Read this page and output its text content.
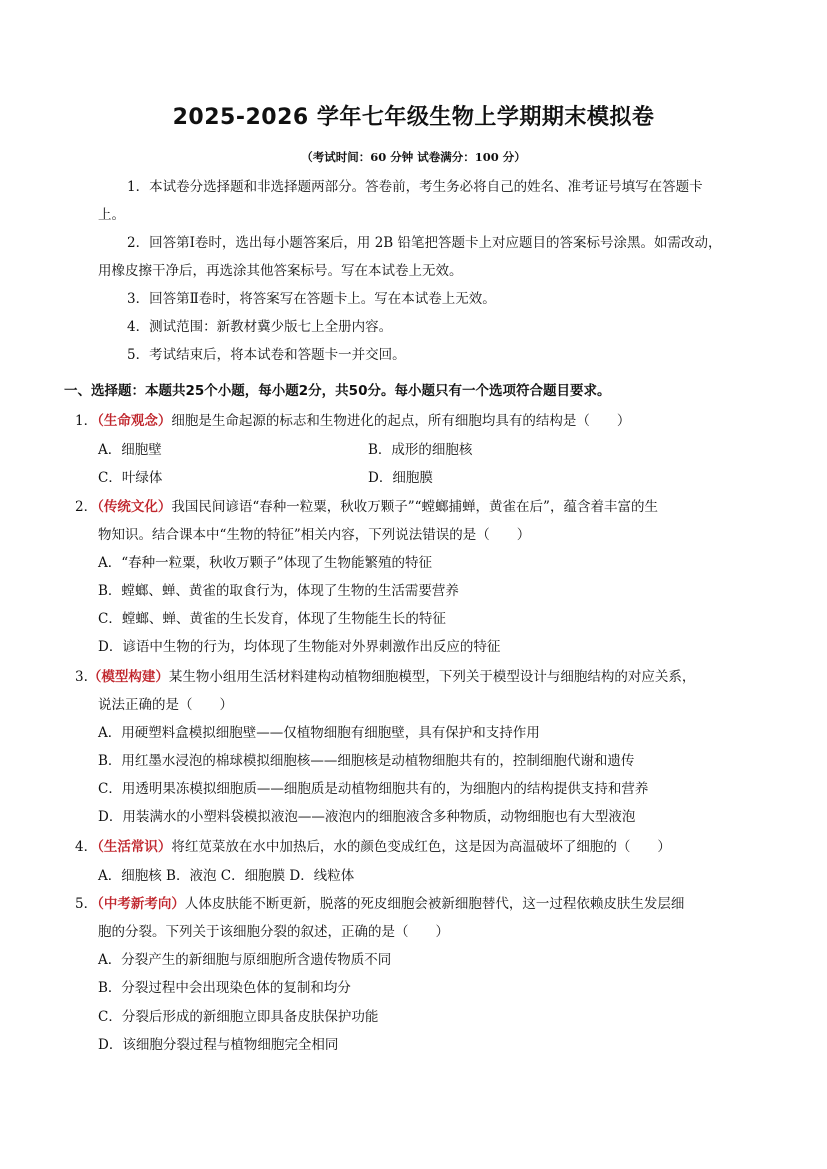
2025-2026 学年七年级生物上学期期末模拟卷
（考试时间：60 分钟 试卷满分：100 分）
1．本试卷分选择题和非选择题两部分。答卷前，考生务必将自己的姓名、准考证号填写在答题卡
上。
2．回答第Ⅰ卷时，选出每小题答案后，用 2B 铅笔把答题卡上对应题目的答案标号涂黑。如需改动，
用橡皮擦干净后，再选涂其他答案标号。写在本试卷上无效。
3．回答第Ⅱ卷时，将答案写在答题卡上。写在本试卷上无效。
4．测试范围：新教材冀少版七上全册内容。
5．考试结束后，将本试卷和答题卡一并交回。
一、选择题：本题共25个小题，每小题2分，共50分。每小题只有一个选项符合题目要求。
1．（生命观念）细胞是生命起源的标志和生物进化的起点，所有细胞均具有的结构是（　　）
A．细胞壁	B．成形的细胞核
C．叶绿体	D．细胞膜
2．（传统文化）我国民间谚语“春种一粒粟，秋收万颗子”“螳螂捕蝉，黄雀在后”，蕴含着丰富的生
物知识。结合课本中“生物的特征”相关内容，下列说法错误的是（　　）
A．“春种一粒粟，秋收万颗子”体现了生物能繁殖的特征
B．螳螂、蝉、黄雀的取食行为，体现了生物的生活需要营养
C．螳螂、蝉、黄雀的生长发育，体现了生物能生长的特征
D．谚语中生物的行为，均体现了生物能对外界刺激作出反应的特征
3.（模型构建）某生物小组用生活材料建构动植物细胞模型，下列关于模型设计与细胞结构的对应关系，
说法正确的是（　　）
A．用硬塑料盒模拟细胞壁——仅植物细胞有细胞壁，具有保护和支持作用
B．用红墨水浸泡的棉球模拟细胞核——细胞核是动植物细胞共有的，控制细胞代谢和遗传
C．用透明果冻模拟细胞质——细胞质是动植物细胞共有的，为细胞内的结构提供支持和营养
D．用装满水的小塑料袋模拟液泡——液泡内的细胞液含多种物质，动物细胞也有大型液泡
4．（生活常识）将红苋菜放在水中加热后，水的颜色变成红色，这是因为高温破坏了细胞的（　　）
A．细胞核 B．液泡 C．细胞膜 D．线粒体
5．（中考新考向）人体皮肤能不断更新，脱落的死皮细胞会被新细胞替代，这一过程依赖皮肤生发层细
胞的分裂。下列关于该细胞分裂的叙述，正确的是（　　）
A．分裂产生的新细胞与原细胞所含遗传物质不同
B．分裂过程中会出现染色体的复制和均分
C．分裂后形成的新细胞立即具备皮肤保护功能
D．该细胞分裂过程与植物细胞完全相同
